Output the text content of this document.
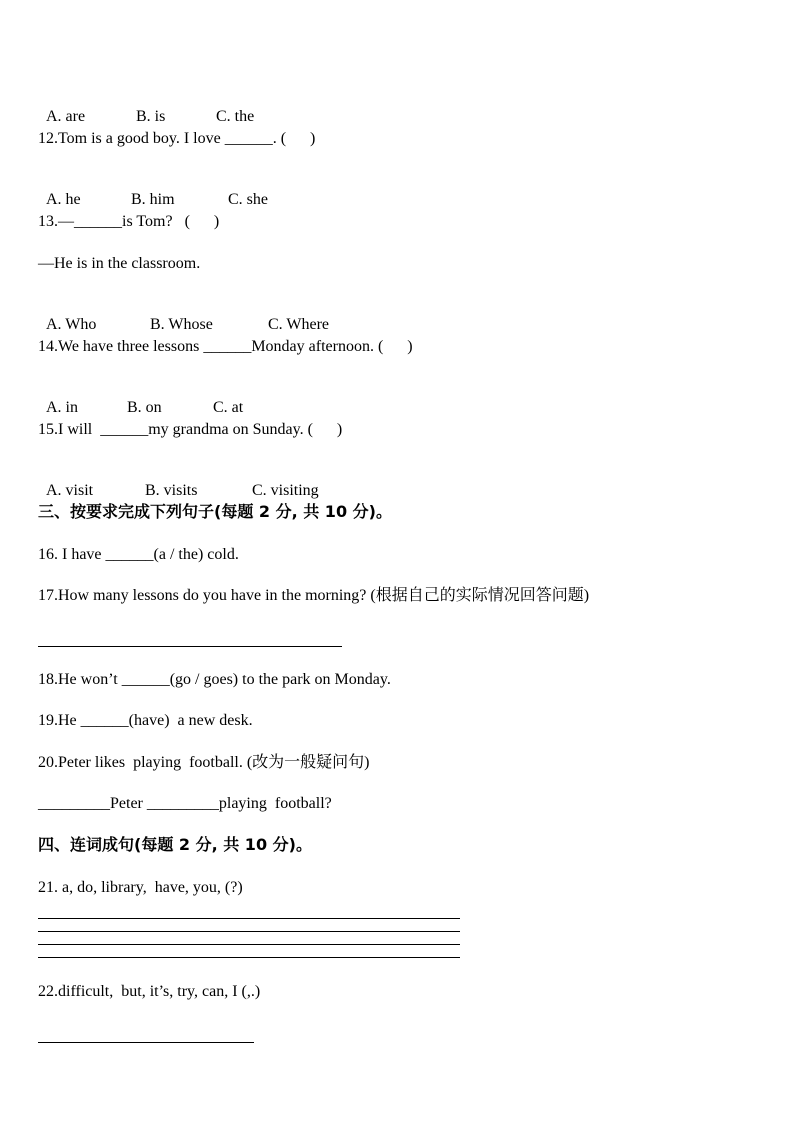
A. are	B. is	C. the

12.Tom is a good boy. I love ______. (      )

A. he	B. him	C. she

13.—______is Tom?   (      )
—He is in the classroom.

A. Who	B. Whose	C. Where

14.We have three lessons ______Monday afternoon. (      )

A. in	B. on	C. at

15.I will  ______my grandma on Sunday. (      )

A. visit	B. visits	C. visiting

三、按要求完成下列句子(每题 2 分, 共 10 分)。
16. I have ______(a / the) cold.
17.How many lessons do you have in the morning? (根据自己的实际情况回答问题)
18.He won’t ______(go / goes) to the park on Monday.
19.He ______(have)  a new desk.
20.Peter likes  playing  football. (改为一般疑问句)
_________Peter _________playing  football?
四、连词成句(每题 2 分, 共 10 分)。
21. a, do, library,  have, you, (?)
22.difficult,  but, it’s, try, can, I (,.)
